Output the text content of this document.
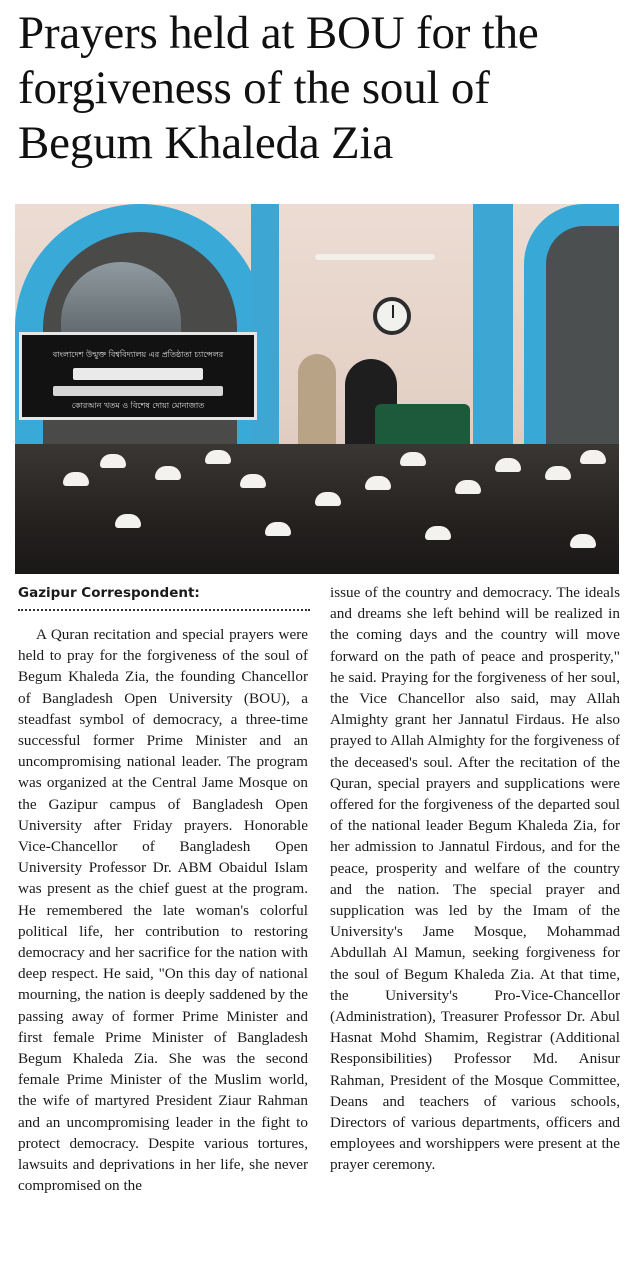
Prayers held at BOU for the forgiveness of the soul of Begum Khaleda Zia
বাংলাদেশ উন্মুক্ত বিশ্ববিদ্যালয় এর প্রতিষ্ঠাতা চ্যান্সেলর
কোরআন খতম ও বিশেষ দোয়া মোনাজাত
Gazipur Correspondent:

A Quran recitation and special prayers were held to pray for the forgiveness of the soul of Begum Khaleda Zia, the founding Chancellor of Bangladesh Open University (BOU), a steadfast symbol of democracy, a three-time successful former Prime Minister and an uncompromising national leader. The program was organized at the Central Jame Mosque on the Gazipur campus of Bangladesh Open University after Friday prayers. Honorable Vice-Chancellor of Bangladesh Open University Professor Dr. ABM Obaidul Islam was present as the chief guest at the program. He remembered the late woman's colorful political life, her contribution to restoring democracy and her sacrifice for the nation with deep respect. He said, "On this day of national mourning, the nation is deeply saddened by the passing away of former Prime Minister and first female Prime Minister of Bangladesh Begum Khaleda Zia. She was the second female Prime Minister of the Muslim world, the wife of martyred President Ziaur Rahman and an uncompromising leader in the fight to protect democracy. Despite various tortures, lawsuits and deprivations in her life, she never compromised on the

issue of the country and democracy. The ideals and dreams she left behind will be realized in the coming days and the country will move forward on the path of peace and prosperity," he said. Praying for the forgiveness of her soul, the Vice Chancellor also said, may Allah Almighty grant her Jannatul Firdaus. He also prayed to Allah Almighty for the forgiveness of the deceased's soul. After the recitation of the Quran, special prayers and supplications were offered for the forgiveness of the departed soul of the national leader Begum Khaleda Zia, for her admission to Jannatul Firdous, and for the peace, prosperity and welfare of the country and the nation. The special prayer and supplication was led by the Imam of the University's Jame Mosque, Mohammad Abdullah Al Mamun, seeking forgiveness for the soul of Begum Khaleda Zia. At that time, the University's Pro-Vice-Chancellor (Administration), Treasurer Professor Dr. Abul Hasnat Mohd Shamim, Registrar (Additional Responsibilities) Professor Md. Anisur Rahman, President of the Mosque Committee, Deans and teachers of various schools, Directors of various departments, officers and employees and worshippers were present at the prayer ceremony.
